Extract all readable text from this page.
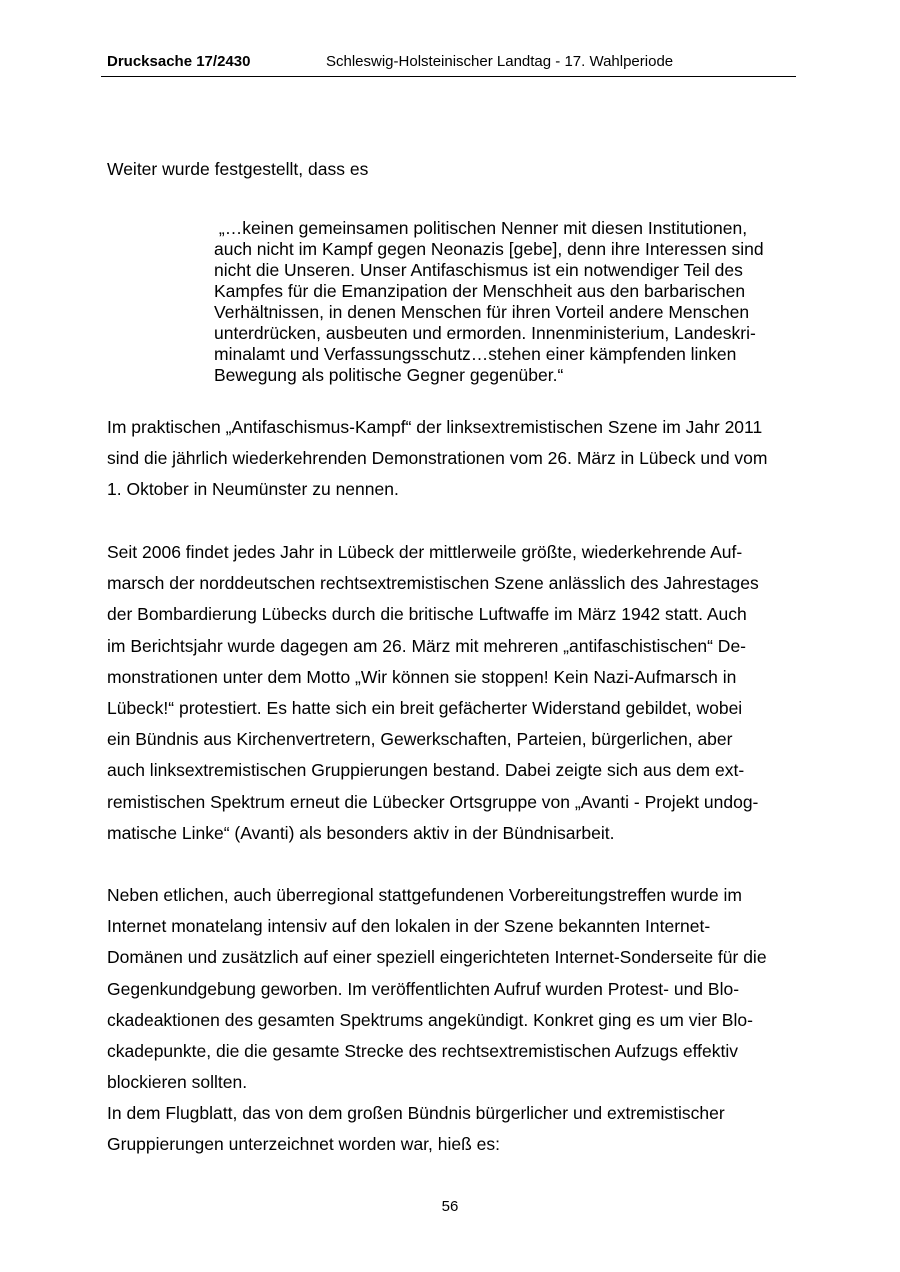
Drucksache 17/2430	Schleswig-Holsteinischer Landtag - 17. Wahlperiode

Weiter wurde festgestellt, dass es

„…keinen gemeinsamen politischen Nenner mit diesen Institutionen,
auch nicht im Kampf gegen Neonazis [gebe], denn ihre Interessen sind
nicht die Unseren. Unser Antifaschismus ist ein notwendiger Teil des
Kampfes für die Emanzipation der Menschheit aus den barbarischen
Verhältnissen, in denen Menschen für ihren Vorteil andere Menschen
unterdrücken, ausbeuten und ermorden. Innenministerium, Landeskri-
minalamt und Verfassungsschutz…stehen einer kämpfenden linken
Bewegung als politische Gegner gegenüber.“
Im praktischen „Antifaschismus-Kampf“ der linksextremistischen Szene im Jahr 2011
sind die jährlich wiederkehrenden Demonstrationen vom 26. März in Lübeck und vom
1. Oktober in Neumünster zu nennen.
Seit 2006 findet jedes Jahr in Lübeck der mittlerweile größte, wiederkehrende Auf-
marsch der norddeutschen rechtsextremistischen Szene anlässlich des Jahrestages
der Bombardierung Lübecks durch die britische Luftwaffe im März 1942 statt. Auch
im Berichtsjahr wurde dagegen am 26. März mit mehreren „antifaschistischen“ De-
monstrationen unter dem Motto „Wir können sie stoppen! Kein Nazi-Aufmarsch in
Lübeck!“ protestiert. Es hatte sich ein breit gefächerter Widerstand gebildet, wobei
ein Bündnis aus Kirchenvertretern, Gewerkschaften, Parteien, bürgerlichen, aber
auch linksextremistischen Gruppierungen bestand. Dabei zeigte sich aus dem ext-
remistischen Spektrum erneut die Lübecker Ortsgruppe von „Avanti - Projekt undog-
matische Linke“ (Avanti) als besonders aktiv in der Bündnisarbeit.
Neben etlichen, auch überregional stattgefundenen Vorbereitungstreffen wurde im
Internet monatelang intensiv auf den lokalen in der Szene bekannten Internet-
Domänen und zusätzlich auf einer speziell eingerichteten Internet-Sonderseite für die
Gegenkundgebung geworben. Im veröffentlichten Aufruf wurden Protest- und Blo-
ckadeaktionen des gesamten Spektrums angekündigt. Konkret ging es um vier Blo-
ckadepunkte, die die gesamte Strecke des rechtsextremistischen Aufzugs effektiv
blockieren sollten.
In dem Flugblatt, das von dem großen Bündnis bürgerlicher und extremistischer
Gruppierungen unterzeichnet worden war, hieß es:
56
